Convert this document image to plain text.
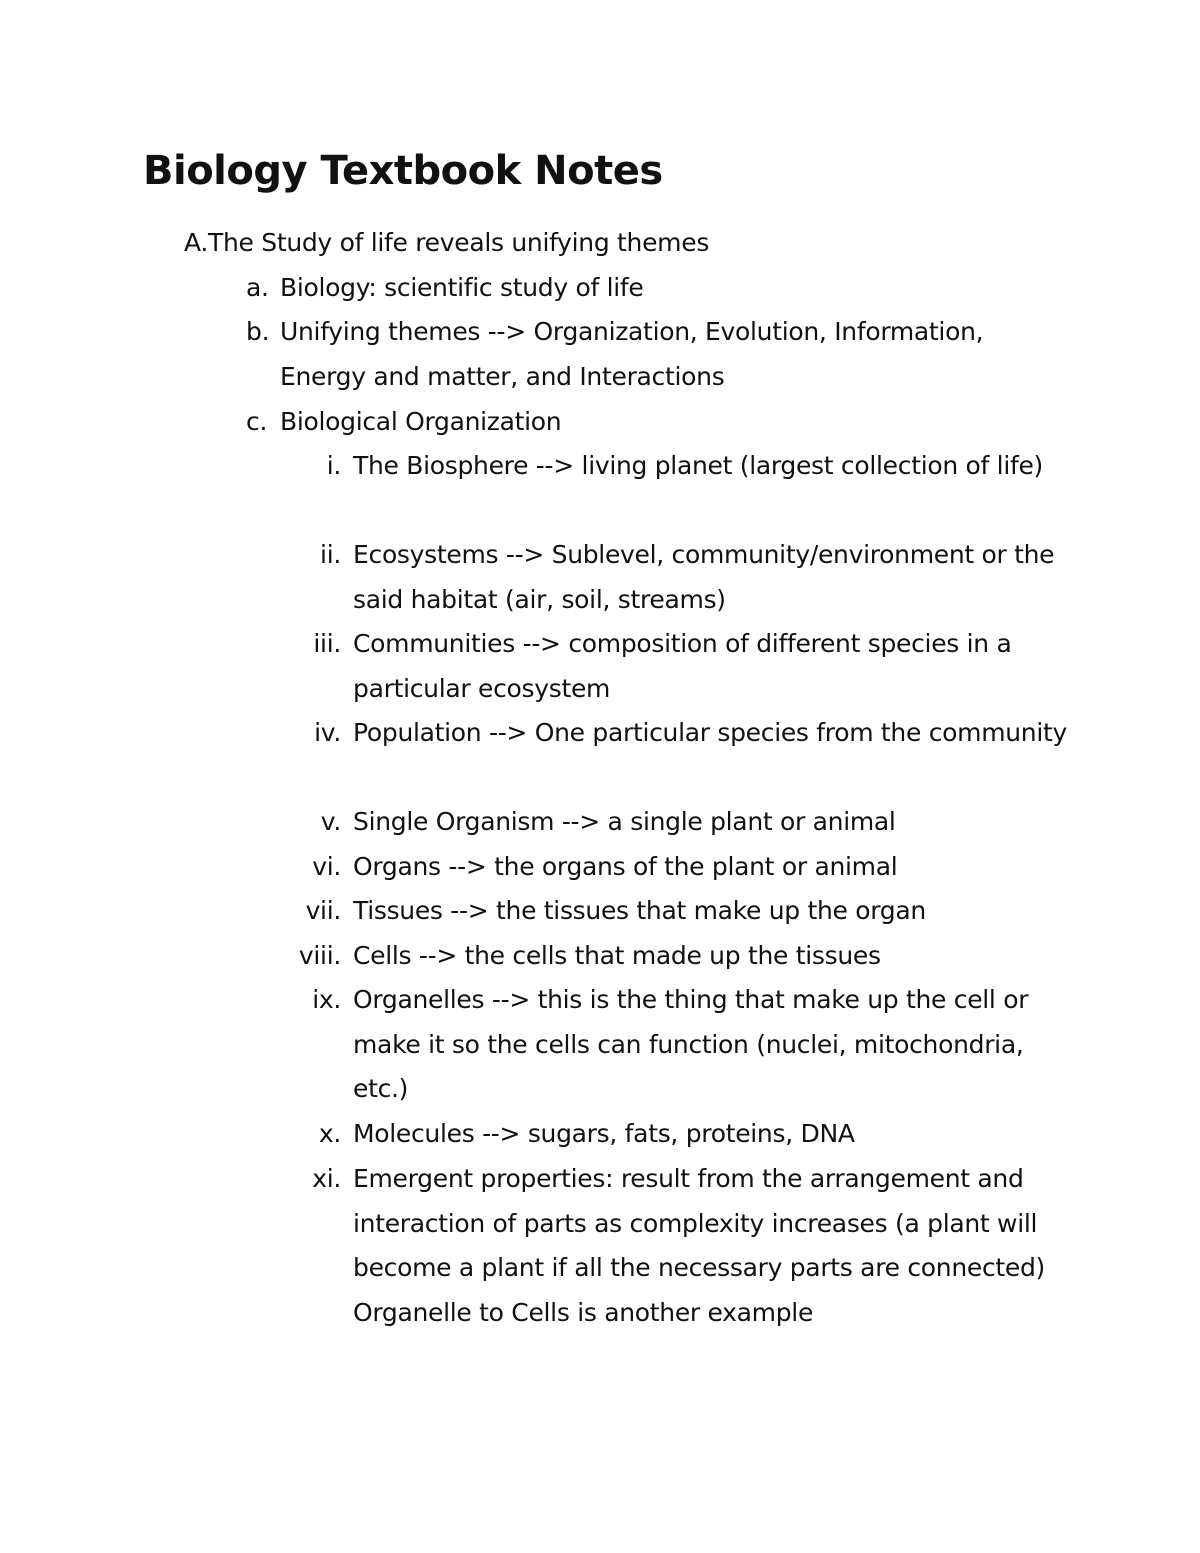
Biology Textbook Notes
A. The Study of life reveals unifying themes
a. Biology: scientific study of life
b. Unifying themes --> Organization, Evolution, Information, Energy and matter, and Interactions
c. Biological Organization
i. The Biosphere --> living planet (largest collection of life)
ii. Ecosystems --> Sublevel, community/environment or the said habitat (air, soil, streams)
iii. Communities --> composition of different species in a particular ecosystem
iv. Population --> One particular species from the community
v. Single Organism --> a single plant or animal
vi. Organs --> the organs of the plant or animal
vii. Tissues --> the tissues that make up the organ
viii. Cells --> the cells that made up the tissues
ix. Organelles --> this is the thing that make up the cell or make it so the cells can function (nuclei, mitochondria, etc.)
x. Molecules --> sugars, fats, proteins, DNA
xi. Emergent properties: result from the arrangement and interaction of parts as complexity increases (a plant will become a plant if all the necessary parts are connected) Organelle to Cells is another example
